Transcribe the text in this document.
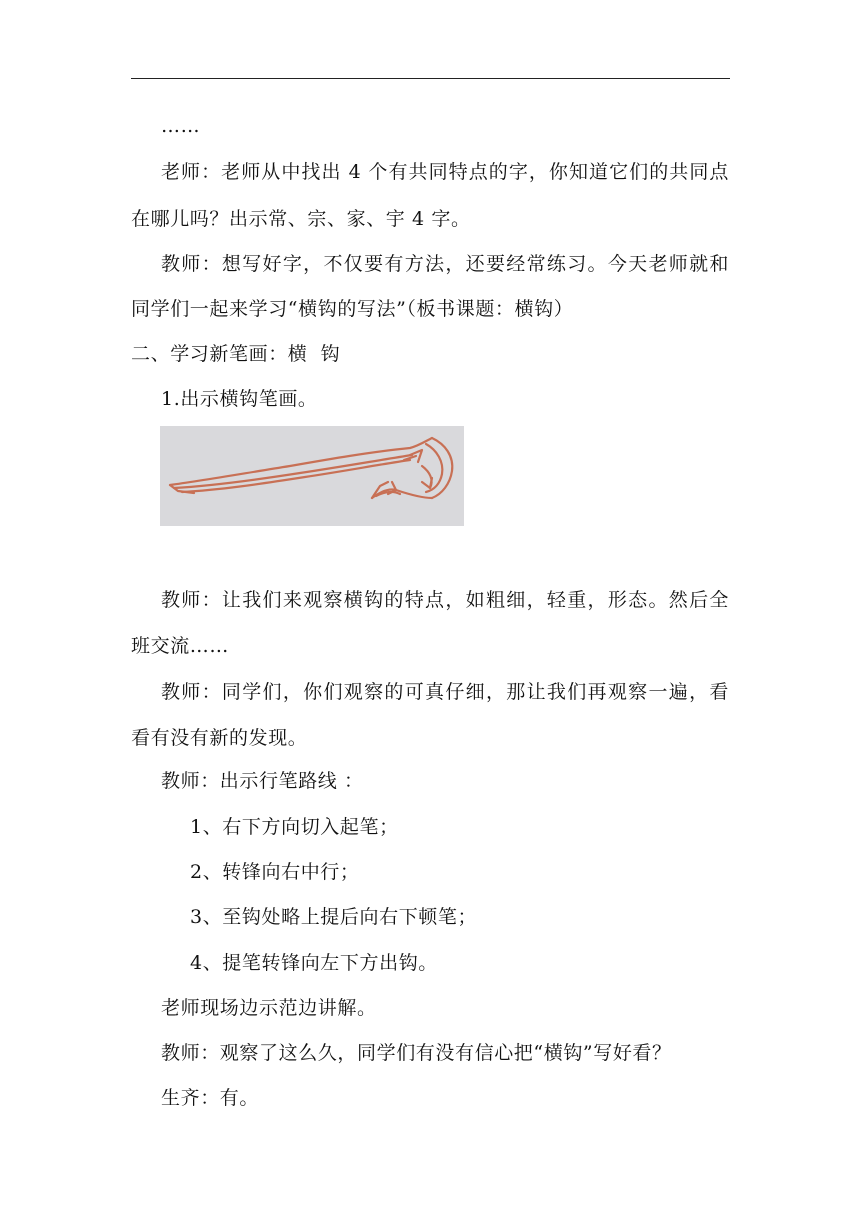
……
老师：老师从中找出 4 个有共同特点的字，你知道它们的共同点
在哪儿吗？出示常、宗、家、宇 4 字。
教师：想写好字，不仅要有方法，还要经常练习。今天老师就和
同学们一起来学习“横钩的写法”（板书课题：横钩）
二、学习新笔画：横  钩
1.出示横钩笔画。
教师：让我们来观察横钩的特点，如粗细，轻重，形态。然后全
班交流……
教师：同学们，你们观察的可真仔细，那让我们再观察一遍，看
看有没有新的发现。
教师：出示行笔路线 ：
1、右下方向切入起笔；
2、转锋向右中行；
3、至钩处略上提后向右下顿笔；
4、提笔转锋向左下方出钩。
老师现场边示范边讲解。
教师：观察了这么久，同学们有没有信心把“横钩”写好看？
生齐：有。
